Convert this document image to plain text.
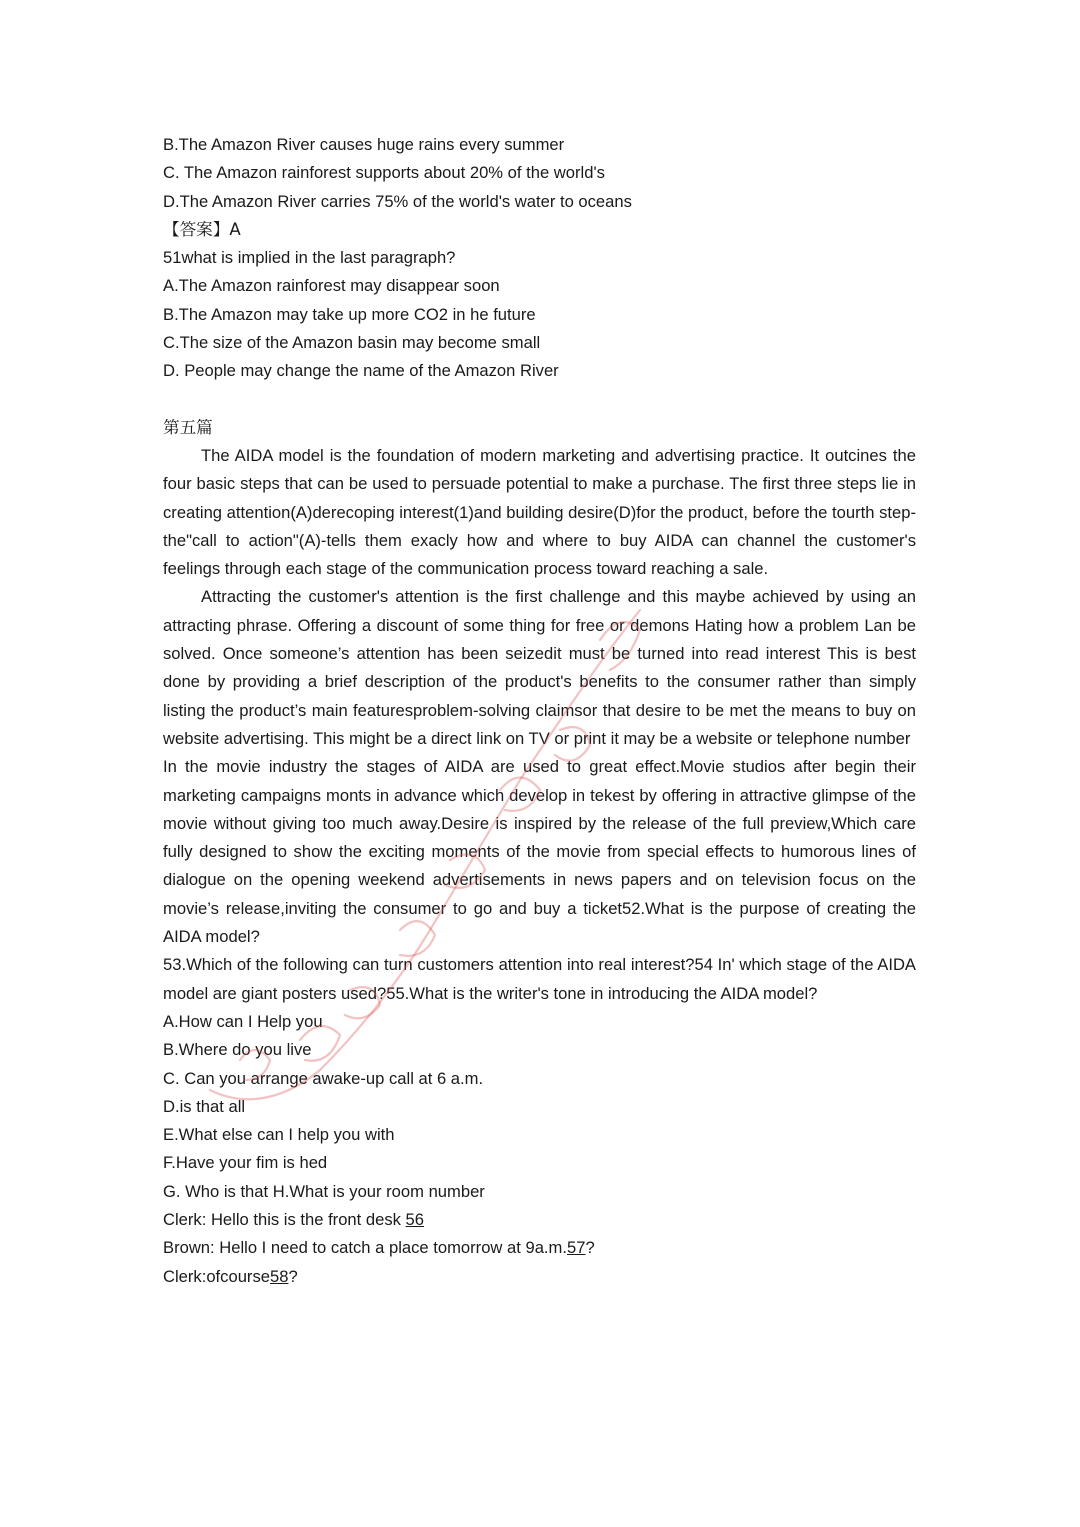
B.The Amazon River causes huge rains every summer
C. The Amazon rainforest supports about 20% of the world's
D.The Amazon River carries 75% of the world's water to oceans
【答案】A
51what is implied in the last paragraph?
A.The Amazon rainforest may disappear soon
B.The Amazon may take up more CO2 in he future
C.The size of the Amazon basin may become small
D. People may change the name of the Amazon River
第五篇

The AIDA model is the foundation of modern marketing and advertising practice. It outcines the four basic steps that can be used to persuade potential to make a purchase. The first three steps lie in creating attention(A)derecoping interest(1)and building desire(D)for the product, before the tourth step-the"call to action"(A)-tells them exacly how and where to buy AIDA can channel the customer's feelings through each stage of the communication process toward reaching a sale.

Attracting the customer's attention is the first challenge and this maybe achieved by using an attracting phrase. Offering a discount of some thing for free or demons Hating how a problem Lan be solved. Once someone’s attention has been seizedit must be turned into read interest This is best done by providing a brief description of the product's benefits to the consumer rather than simply listing the product’s main featuresproblem-solving claimsor that desire to be met the means to buy on website advertising. This might be a direct link on TV or print it may be a website or telephone number

In the movie industry the stages of AIDA are used to great effect.Movie studios after begin their marketing campaigns monts in advance which develop in tekest by offering in attractive glimpse of the movie without giving too much away.Desire is inspired by the release of the full preview,Which care fully designed to show the exciting moments of the movie from special effects to humorous lines of dialogue on the opening weekend advertisements in news papers and on television focus on the movie’s release,inviting the consumer to go and buy a ticket52.What is the purpose of creating the AIDA model?

53.Which of the following can turn customers attention into real interest?54 In' which stage of the AIDA model are giant posters used?55.What is the writer's tone in introducing the AIDA model?

A.How can I Help you
B.Where do you live
C. Can you arrange awake-up call at 6 a.m.
D.is that all
E.What else can I help you with
F.Have your fim is hed
G. Who is that H.What is your room number
Clerk: Hello this is the front desk 56
Brown: Hello I need to catch a place tomorrow at 9a.m.57?
Clerk:ofcourse58?
